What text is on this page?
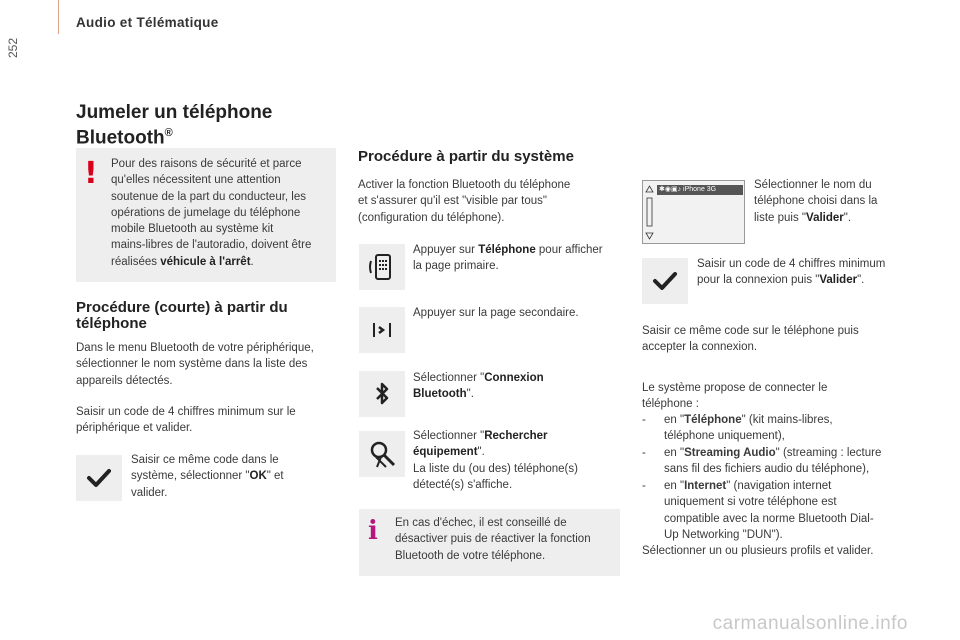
252
Audio et Télématique
Jumeler un téléphone
Bluetooth®
! Pour des raisons de sécurité et parce
qu'elles nécessitent une attention
soutenue de la part du conducteur, les
opérations de jumelage du téléphone
mobile Bluetooth au système kit
mains-libres de l'autoradio, doivent être
réalisées véhicule à l'arrêt.
Procédure (courte) à partir du
téléphone
Dans le menu Bluetooth de votre périphérique,
sélectionner le nom système dans la liste des
appareils détectés.
Saisir un code de 4 chiffres minimum sur le
périphérique et valider.
Saisir ce même code dans le
système, sélectionner "OK" et
valider.
Procédure à partir du système
Activer la fonction Bluetooth du téléphone
et s'assurer qu'il est "visible par tous"
(configuration du téléphone).
Appuyer sur Téléphone pour afficher
la page primaire.
Appuyer sur la page secondaire.
Sélectionner "Connexion
Bluetooth".
Sélectionner "Rechercher
équipement".
La liste du (ou des) téléphone(s)
détecté(s) s'affiche.
i En cas d'échec, il est conseillé de
désactiver puis de réactiver la fonction
Bluetooth de votre téléphone.
✱◉▣♪ iPhone 3G	Sélectionner le nom du
téléphone choisi dans la
liste puis "Valider".
Saisir un code de 4 chiffres minimum
pour la connexion puis "Valider".
Saisir ce même code sur le téléphone puis
accepter la connexion.
Le système propose de connecter le
téléphone :
- en "Téléphone" (kit mains-libres,
téléphone uniquement),
- en "Streaming Audio" (streaming : lecture
sans fil des fichiers audio du téléphone),
- en "Internet" (navigation internet
uniquement si votre téléphone est
compatible avec la norme Bluetooth Dial-
Up Networking "DUN").
Sélectionner un ou plusieurs profils et valider.
carmanualsonline.info
